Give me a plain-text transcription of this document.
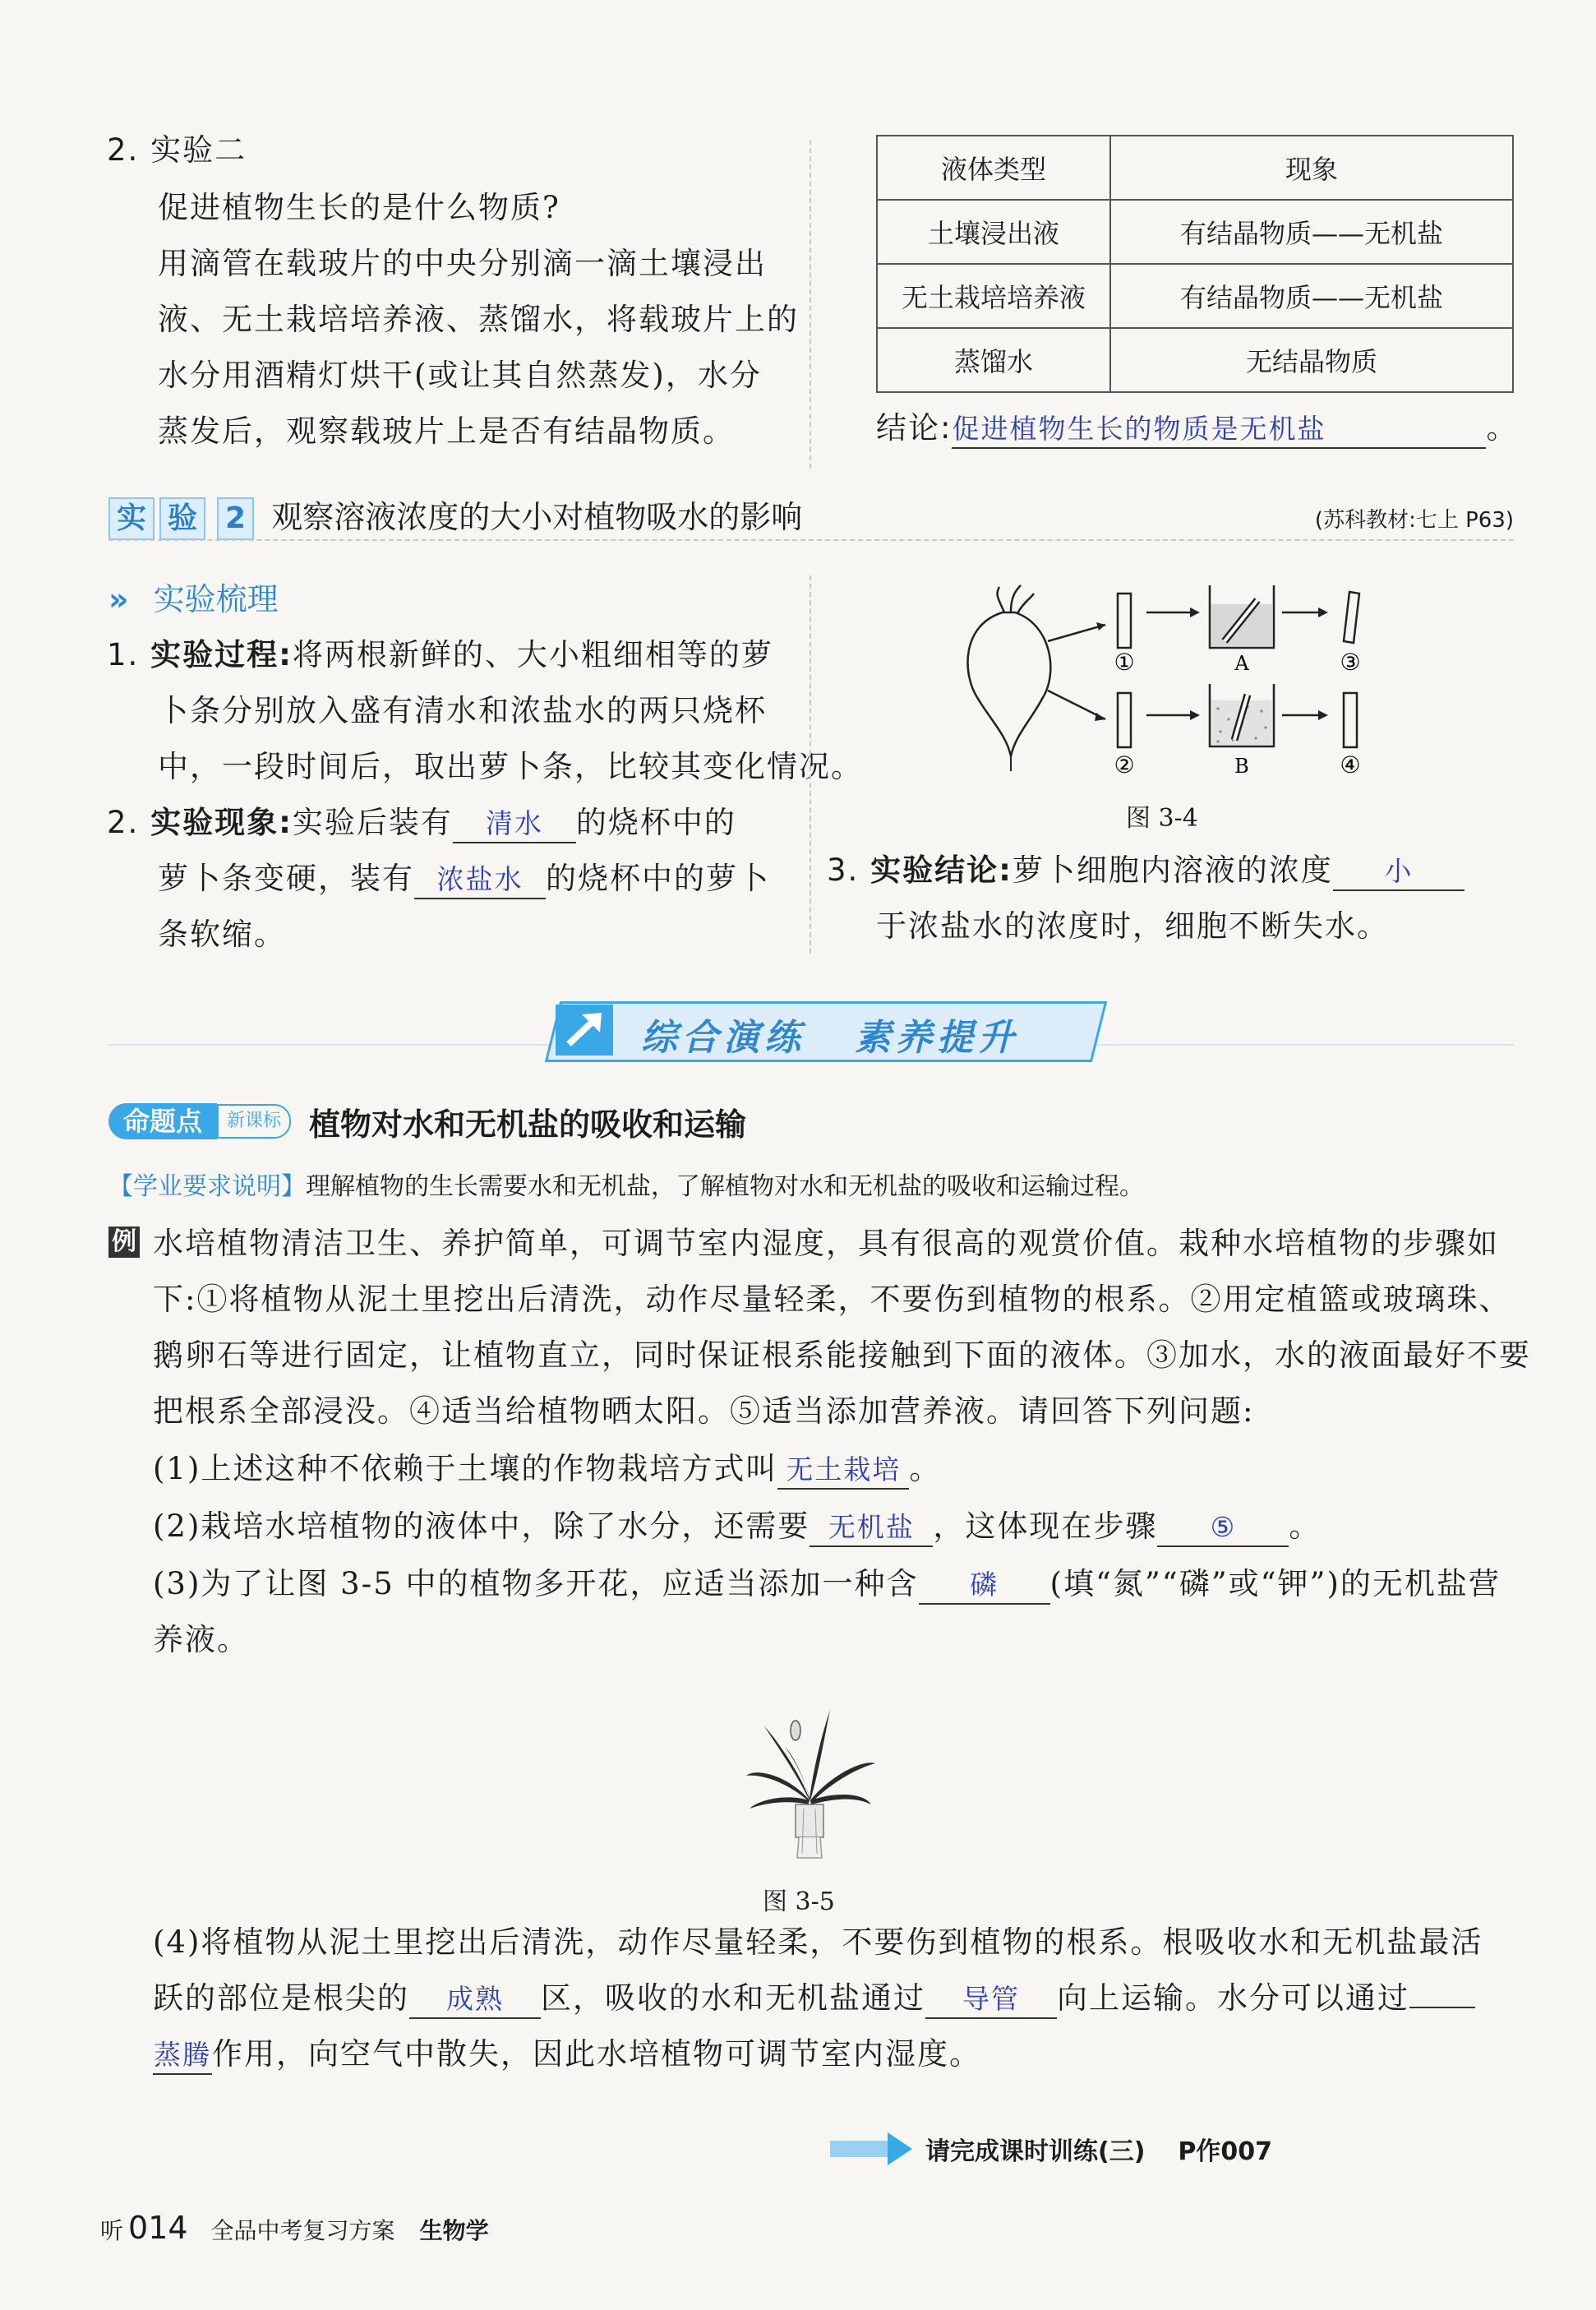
2. 实验二
促进植物生长的是什么物质?
用滴管在载玻片的中央分别滴一滴土壤浸出
液、无土栽培培养液、蒸馏水，将载玻片上的
水分用酒精灯烘干(或让其自然蒸发)，水分
蒸发后，观察载玻片上是否有结晶物质。
液体类型	现象
土壤浸出液	有结晶物质——无机盐
无土栽培培养液	有结晶物质——无机盐
蒸馏水	无结晶物质
结论:促进植物生长的物质是无机盐	。
实 验 2 观察溶液浓度的大小对植物吸水的影响	(苏科教材:七上 P63)
» 实验梳理
1. 实验过程:将两根新鲜的、大小粗细相等的萝
卜条分别放入盛有清水和浓盐水的两只烧杯
中，一段时间后，取出萝卜条，比较其变化情况。
2. 实验现象:实验后装有 清水 的烧杯中的
萝卜条变硬，装有 浓盐水 的烧杯中的萝卜
条软缩。
①
②
③
④
A
B
图 3-4
3. 实验结论:萝卜细胞内溶液的浓度 小
于浓盐水的浓度时，细胞不断失水。
综合演练 素养提升
命题点	新课标 植物对水和无机盐的吸收和运输
【学业要求说明】理解植物的生长需要水和无机盐，了解植物对水和无机盐的吸收和运输过程。
例 水培植物清洁卫生、养护简单，可调节室内湿度，具有很高的观赏价值。栽种水培植物的步骤如
下:①将植物从泥土里挖出后清洗，动作尽量轻柔，不要伤到植物的根系。②用定植篮或玻璃珠、
鹅卵石等进行固定，让植物直立，同时保证根系能接触到下面的液体。③加水，水的液面最好不要
把根系全部浸没。④适当给植物晒太阳。⑤适当添加营养液。请回答下列问题:
(1)上述这种不依赖于土壤的作物栽培方式叫 无土栽培 。
(2)栽培水培植物的液体中，除了水分，还需要 无机盐 ，这体现在步骤 ⑤ 。
(3)为了让图 3-5 中的植物多开花，应适当添加一种含 磷 (填“氮”“磷”或“钾”)的无机盐营
养液。
图 3-5
(4)将植物从泥土里挖出后清洗，动作尽量轻柔，不要伤到植物的根系。根吸收水和无机盐最活
跃的部位是根尖的 成熟 区，吸收的水和无机盐通过 导管 向上运输。水分可以通过
蒸腾作用，向空气中散失，因此水培植物可调节室内湿度。
请完成课时训练(三) P作007
听 014 全品中考复习方案 生物学
